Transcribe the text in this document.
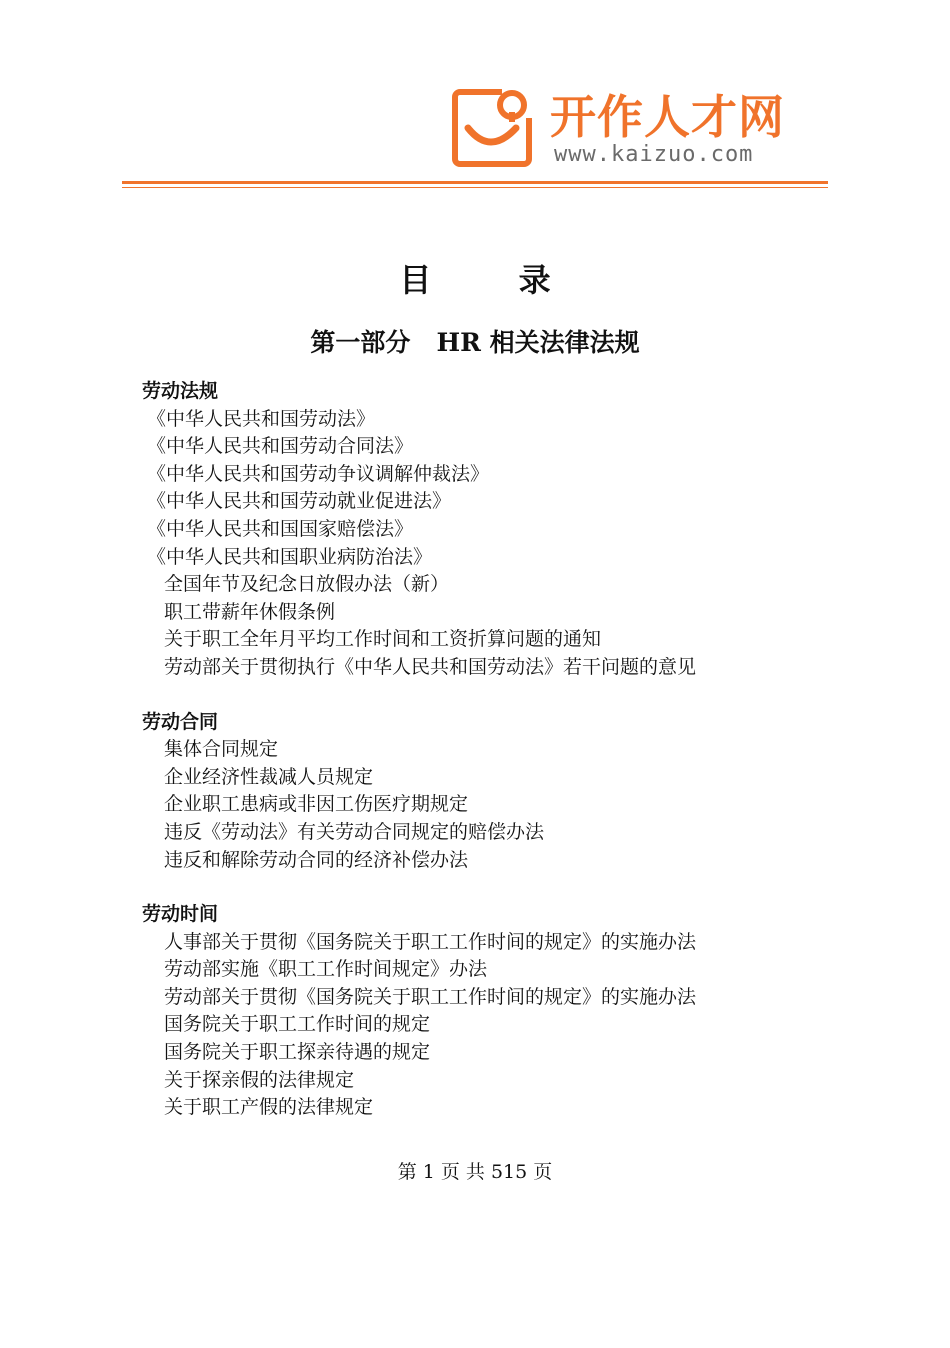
开作人才网
www.kaizuo.com
目 录
第一部分   HR 相关法律法规
劳动法规
《中华人民共和国劳动法》
《中华人民共和国劳动合同法》
《中华人民共和国劳动争议调解仲裁法》
《中华人民共和国劳动就业促进法》
《中华人民共和国国家赔偿法》
《中华人民共和国职业病防治法》
全国年节及纪念日放假办法（新）
职工带薪年休假条例
关于职工全年月平均工作时间和工资折算问题的通知
劳动部关于贯彻执行《中华人民共和国劳动法》若干问题的意见
劳动合同
集体合同规定
企业经济性裁减人员规定
企业职工患病或非因工伤医疗期规定
违反《劳动法》有关劳动合同规定的赔偿办法
违反和解除劳动合同的经济补偿办法
劳动时间
人事部关于贯彻《国务院关于职工工作时间的规定》的实施办法
劳动部实施《职工工作时间规定》办法
劳动部关于贯彻《国务院关于职工工作时间的规定》的实施办法
国务院关于职工工作时间的规定
国务院关于职工探亲待遇的规定
关于探亲假的法律规定
关于职工产假的法律规定
第 1 页 共 515 页
